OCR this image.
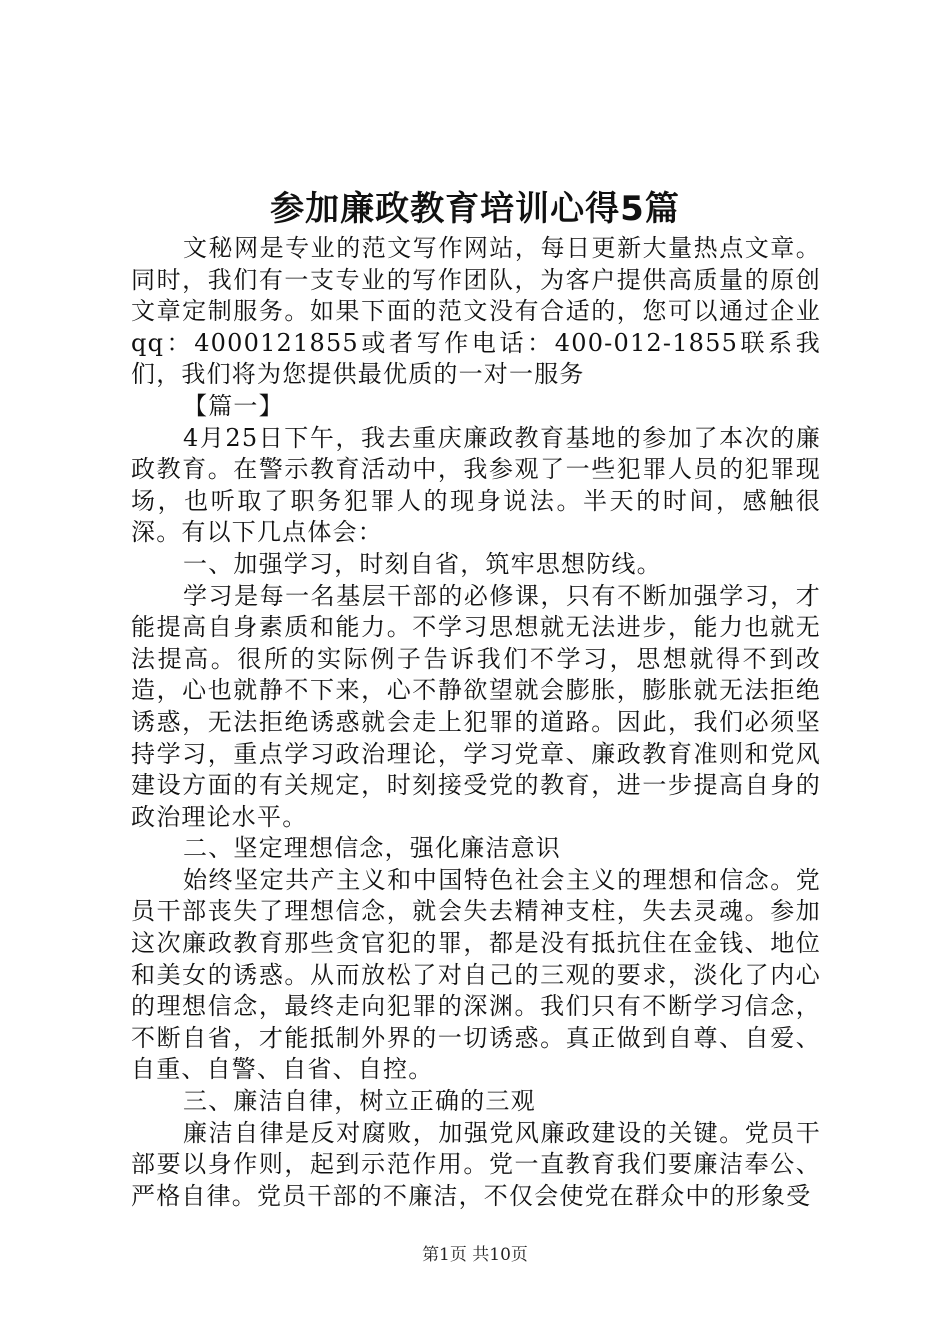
参加廉政教育培训心得5篇

文秘网是专业的范文写作网站，每日更新大量热点文章。同时，我们有一支专业的写作团队，为客户提供高质量的原创文章定制服务。如果下面的范文没有合适的，您可以通过企业qq：4000121855或者写作电话：400-012-1855联系我们，我们将为您提供最优质的一对一服务

【篇一】

4月25日下午，我去重庆廉政教育基地的参加了本次的廉政教育。在警示教育活动中，我参观了一些犯罪人员的犯罪现场，也听取了职务犯罪人的现身说法。半天的时间，感触很深。有以下几点体会：

一、加强学习，时刻自省，筑牢思想防线。

学习是每一名基层干部的必修课，只有不断加强学习，才能提高自身素质和能力。不学习思想就无法进步，能力也就无法提高。很所的实际例子告诉我们不学习，思想就得不到改造，心也就静不下来，心不静欲望就会膨胀，膨胀就无法拒绝诱惑，无法拒绝诱惑就会走上犯罪的道路。因此，我们必须坚持学习，重点学习政治理论，学习党章、廉政教育准则和党风建设方面的有关规定，时刻接受党的教育，进一步提高自身的政治理论水平。

二、坚定理想信念，强化廉洁意识

始终坚定共产主义和中国特色社会主义的理想和信念。党员干部丧失了理想信念，就会失去精神支柱，失去灵魂。参加这次廉政教育那些贪官犯的罪，都是没有抵抗住在金钱、地位和美女的诱惑。从而放松了对自己的三观的要求，淡化了内心的理想信念，最终走向犯罪的深渊。我们只有不断学习信念，不断自省，才能抵制外界的一切诱惑。真正做到自尊、自爱、自重、自警、自省、自控。

三、廉洁自律，树立正确的三观

廉洁自律是反对腐败，加强党风廉政建设的关键。党员干部要以身作则，起到示范作用。党一直教育我们要廉洁奉公、严格自律。党员干部的不廉洁，不仅会使党在群众中的形象受

第1页 共10页
